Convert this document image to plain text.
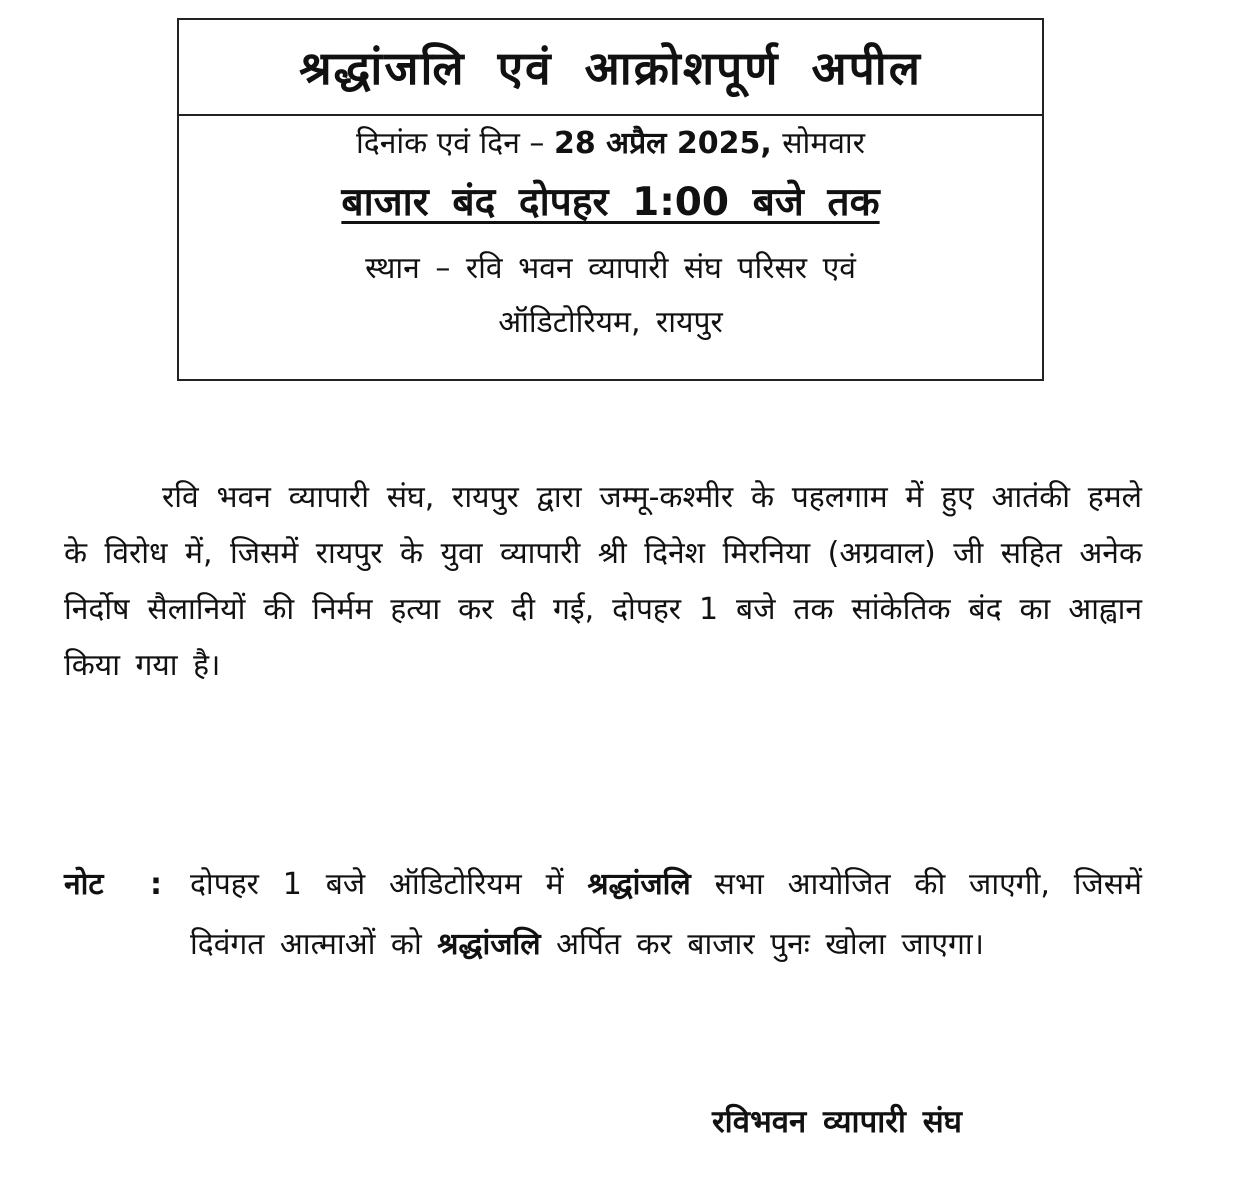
श्रद्धांजलि एवं आक्रोशपूर्ण अपील
दिनांक एवं दिन – 28 अप्रैल 2025, सोमवार
बाजार बंद दोपहर 1:00 बजे तक
स्थान – रवि भवन व्यापारी संघ परिसर एवं
ऑडिटोरियम, रायपुर

रवि भवन व्यापारी संघ, रायपुर द्वारा जम्मू-कश्मीर के पहलगाम में हुए आतंकी हमले के विरोध में, जिसमें रायपुर के युवा व्यापारी श्री दिनेश मिरनिया (अग्रवाल) जी सहित अनेक निर्दोष सैलानियों की निर्मम हत्या कर दी गई, दोपहर 1 बजे तक सांकेतिक बंद का आह्वान किया गया है।

नोट : दोपहर 1 बजे ऑडिटोरियम में श्रद्धांजलि सभा आयोजित की जाएगी, जिसमें दिवंगत आत्माओं को श्रद्धांजलि अर्पित कर बाजार पुनः खोला जाएगा।
रविभवन व्यापारी संघ
